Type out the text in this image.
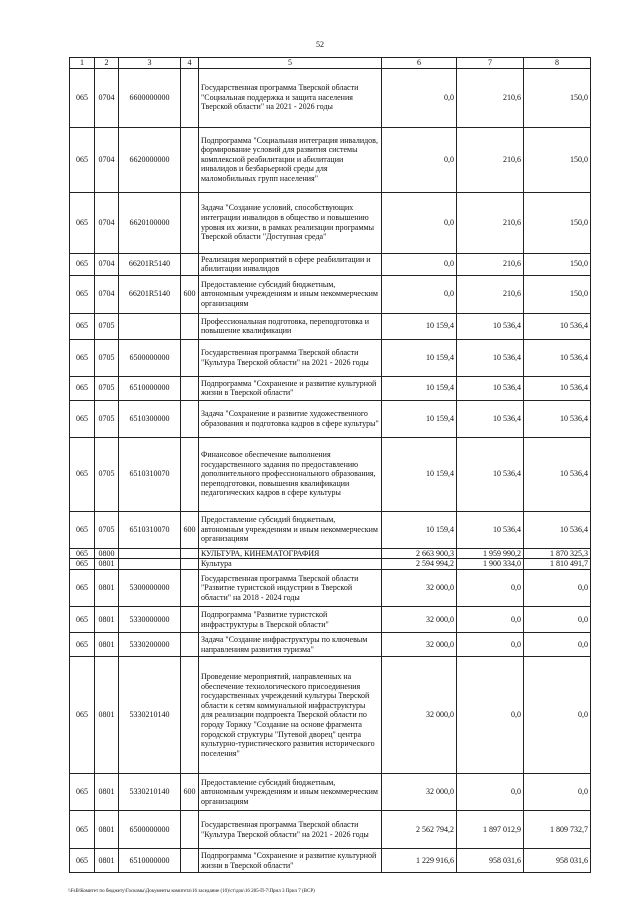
52
1	2	3	4	5	6	7	8
065	0704	6600000000		Государственная программа Тверской области "Социальная поддержка и защита населения Тверской области" на 2021 - 2026 годы	0,0	210,6	150,0
065	0704	6620000000		Подпрограмма "Социальная интеграция инвалидов, формирование условий для развития системы комплексной реабилитации и абилитации инвалидов и безбарьерной среды для маломобильных групп населения"	0,0	210,6	150,0
065	0704	6620100000		Задача "Создание условий, способствующих интеграции инвалидов в общество и повышению уровня их жизни, в рамках реализации программы Тверской области "Доступная среда"	0,0	210,6	150,0
065	0704	66201R5140		Реализация мероприятий в сфере реабилитации и абилитации инвалидов	0,0	210,6	150,0
065	0704	66201R5140	600	Предоставление субсидий бюджетным, автономным учреждениям и иным некоммерческим организациям	0,0	210,6	150,0
065	0705			Профессиональная подготовка, переподготовка и повышение квалификации	10 159,4	10 536,4	10 536,4
065	0705	6500000000		Государственная программа Тверской области "Культура Тверской области" на 2021 - 2026 годы	10 159,4	10 536,4	10 536,4
065	0705	6510000000		Подпрограмма "Сохранение и развитие культурной жизни в Тверской области"	10 159,4	10 536,4	10 536,4
065	0705	6510300000		Задача "Сохранение и развитие художественного образования и подготовка кадров в сфере культуры"	10 159,4	10 536,4	10 536,4
065	0705	6510310070		Финансовое обеспечение выполнения государственного задания по предоставлению дополнительного профессионального образования, переподготовки, повышения квалификации педагогических кадров в сфере культуры	10 159,4	10 536,4	10 536,4
065	0705	6510310070	600	Предоставление субсидий бюджетным, автономным учреждениям и иным некоммерческим организациям	10 159,4	10 536,4	10 536,4
065	0800			КУЛЬТУРА, КИНЕМАТОГРАФИЯ	2 663 900,3	1 959 990,2	1 870 325,3
065	0801			Культура	2 594 994,2	1 900 334,0	1 810 491,7
065	0801	5300000000		Государственная программа Тверской области "Развитие туристской индустрии в Тверской области" на 2018 - 2024 годы	32 000,0	0,0	0,0
065	0801	5330000000		Подпрограмма "Развитие туристской инфраструктуры в Тверской области"	32 000,0	0,0	0,0
065	0801	5330200000		Задача "Создание инфраструктуры по ключевым направлениям развития туризма"	32 000,0	0,0	0,0
065	0801	5330210140		Проведение мероприятий, направленных на обеспечение технологического присоединения государственных учреждений культуры Тверской области к сетям коммунальной инфраструктуры для реализации подпроекта Тверской области по городу Торжку "Создание на основе фрагмента городской структуры "Путевой дворец" центра культурно-туристического развития исторического поселения"	32 000,0	0,0	0,0
065	0801	5330210140	600	Предоставление субсидий бюджетным, автономным учреждениям и иным некоммерческим организациям	32 000,0	0,0	0,0
065	0801	6500000000		Государственная программа Тверской области "Культура Тверской области" на 2021 - 2026 годы	2 562 794,2	1 897 012,9	1 809 732,7
065	0801	6510000000		Подпрограмма "Сохранение и развитие культурной жизни в Тверской области"	1 229 916,6	958 031,6	958 031,6
\\FsB\Комитет по бюджету\Госкомы\Документы комитета\16 заседание (10)\ст\док\16 285-П-7\Прил 3 Прил 7 (ВСР)
